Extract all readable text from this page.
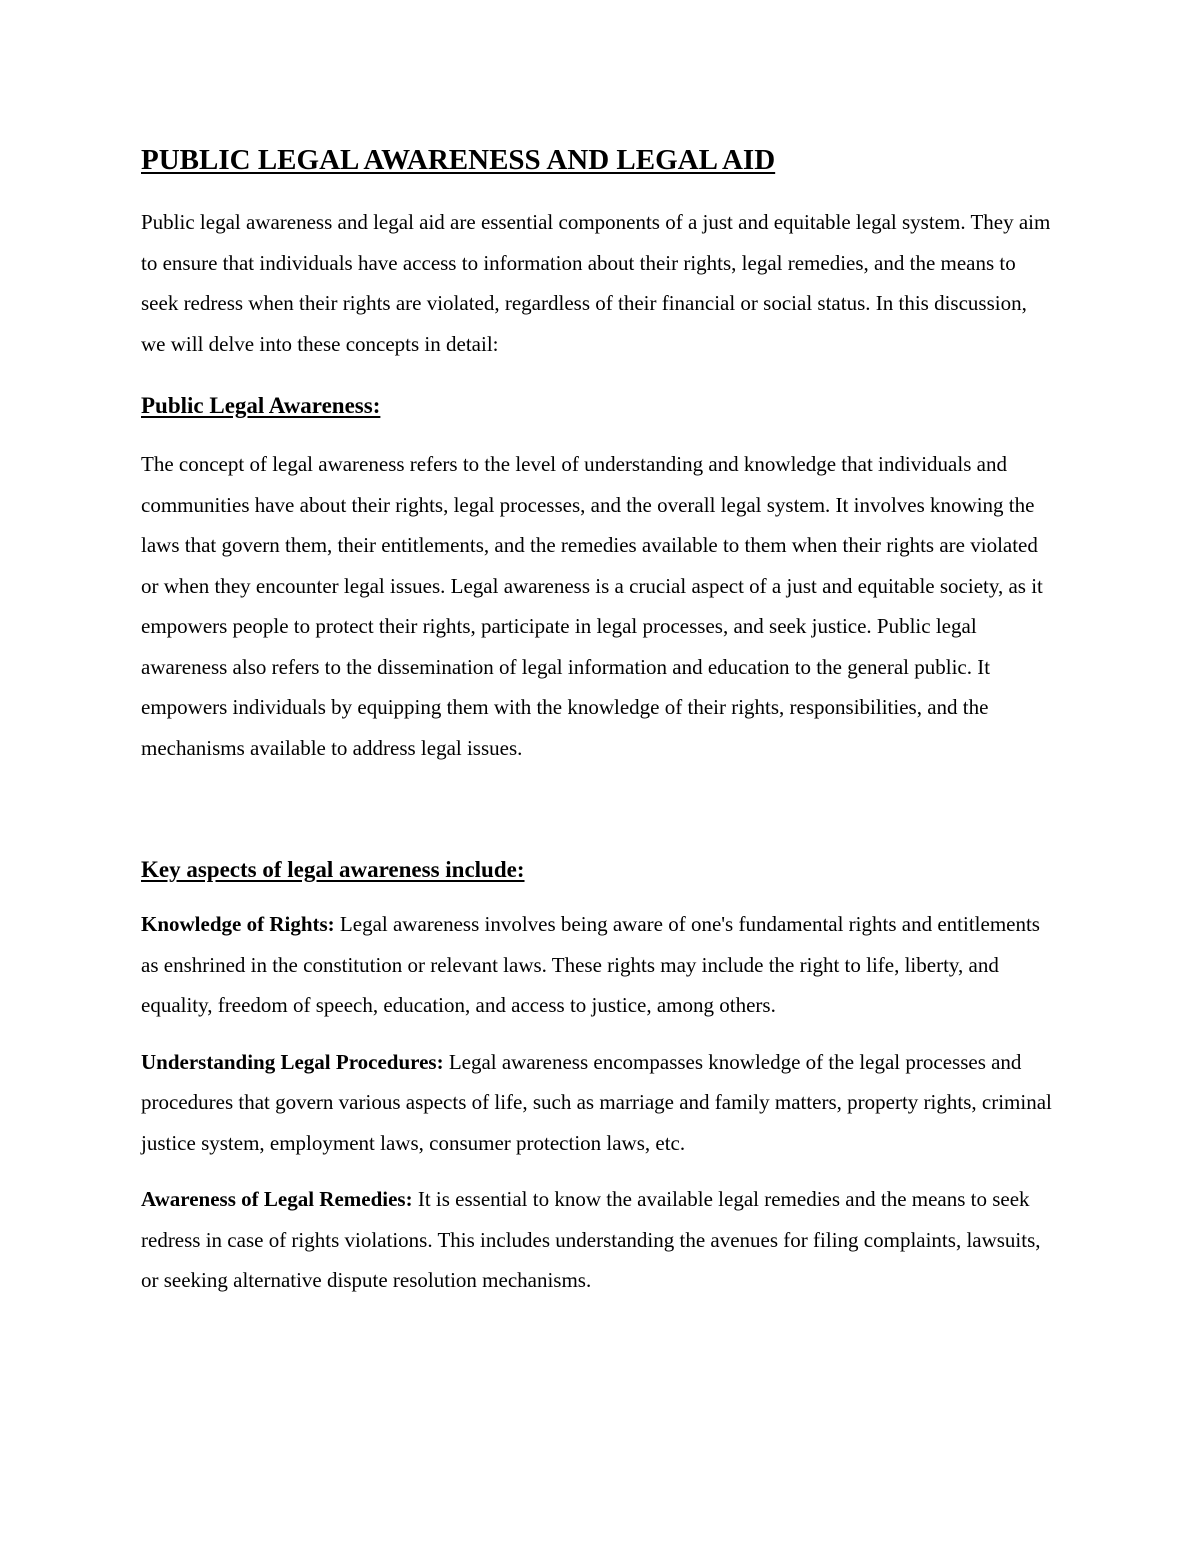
PUBLIC LEGAL AWARENESS AND LEGAL AID

Public legal awareness and legal aid are essential components of a just and equitable legal system. They aim to ensure that individuals have access to information about their rights, legal remedies, and the means to seek redress when their rights are violated, regardless of their financial or social status. In this discussion, we will delve into these concepts in detail:

Public Legal Awareness:

The concept of legal awareness refers to the level of understanding and knowledge that individuals and communities have about their rights, legal processes, and the overall legal system. It involves knowing the laws that govern them, their entitlements, and the remedies available to them when their rights are violated or when they encounter legal issues. Legal awareness is a crucial aspect of a just and equitable society, as it empowers people to protect their rights, participate in legal processes, and seek justice. Public legal awareness also refers to the dissemination of legal information and education to the general public. It empowers individuals by equipping them with the knowledge of their rights, responsibilities, and the mechanisms available to address legal issues.

Key aspects of legal awareness include:

Knowledge of Rights: Legal awareness involves being aware of one's fundamental rights and entitlements as enshrined in the constitution or relevant laws. These rights may include the right to life, liberty, and equality, freedom of speech, education, and access to justice, among others.

Understanding Legal Procedures: Legal awareness encompasses knowledge of the legal processes and procedures that govern various aspects of life, such as marriage and family matters, property rights, criminal justice system, employment laws, consumer protection laws, etc.

Awareness of Legal Remedies: It is essential to know the available legal remedies and the means to seek redress in case of rights violations. This includes understanding the avenues for filing complaints, lawsuits, or seeking alternative dispute resolution mechanisms.
